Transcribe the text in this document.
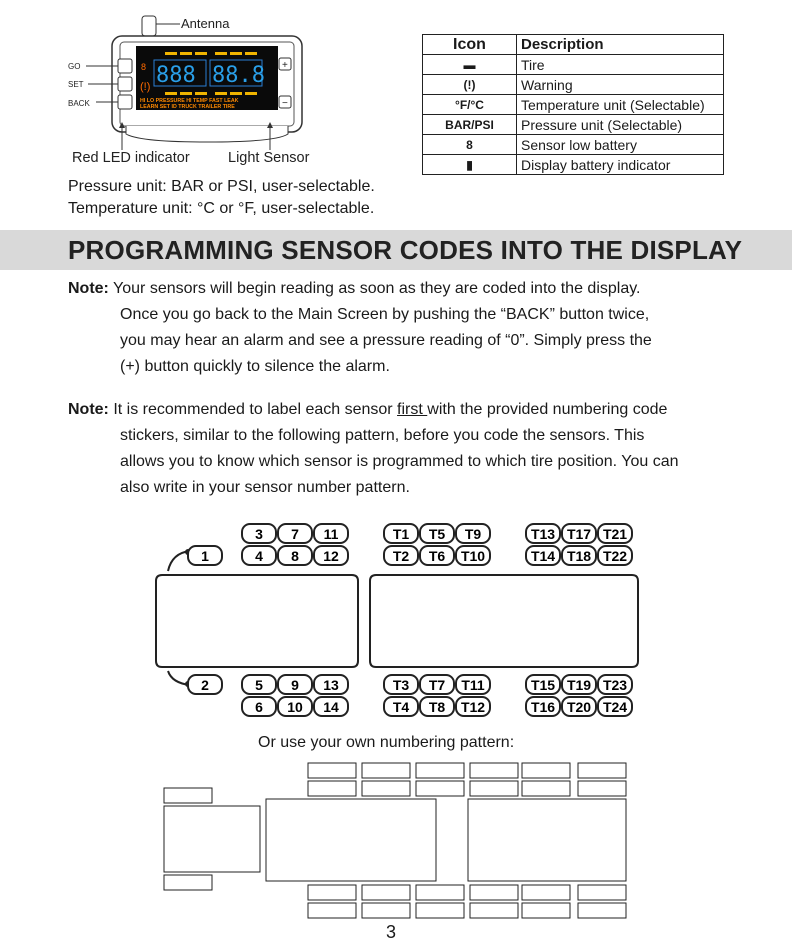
Antenna
888 88.8
8
(!)
HI LO PRESSURE HI TEMP FAST LEAK
LEARN SET ID TRUCK TRAILER TIRE
GO
SET
BACK
+
−
Red LED indicator	Light Sensor
Pressure unit: BAR or PSI, user-selectable.
Temperature unit: °C or °F, user-selectable.
Icon	Description
▬	Tire
(!)	Warning
°F/°C	Temperature unit (Selectable)
BAR/PSI	Pressure unit (Selectable)
8	Sensor low battery
▮	Display battery indicator
PROGRAMMING SENSOR CODES INTO THE DISPLAY
Note: Your sensors will begin reading as soon as they are coded into the display.
Once you go back to the Main Screen by pushing the “BACK” button twice,
you may hear an alarm and see a pressure reading of “0”. Simply press the
(+) button quickly to silence the alarm.
Note: It is recommended to label each sensor first with the provided numbering code
stickers, similar to the following pattern, before you code the sensors. This
allows you to know which sensor is programmed to which tire position. You can
also write in your sensor number pattern.
1
2
3 7 11
4 8 12
5 9 13
6 10 14
T1 T5 T9
T2 T6 T10
T3 T7 T11
T4 T8 T12
T13 T17 T21
T14 T18 T22
T15 T19 T23
T16 T20 T24
Or use your own numbering pattern:
3
